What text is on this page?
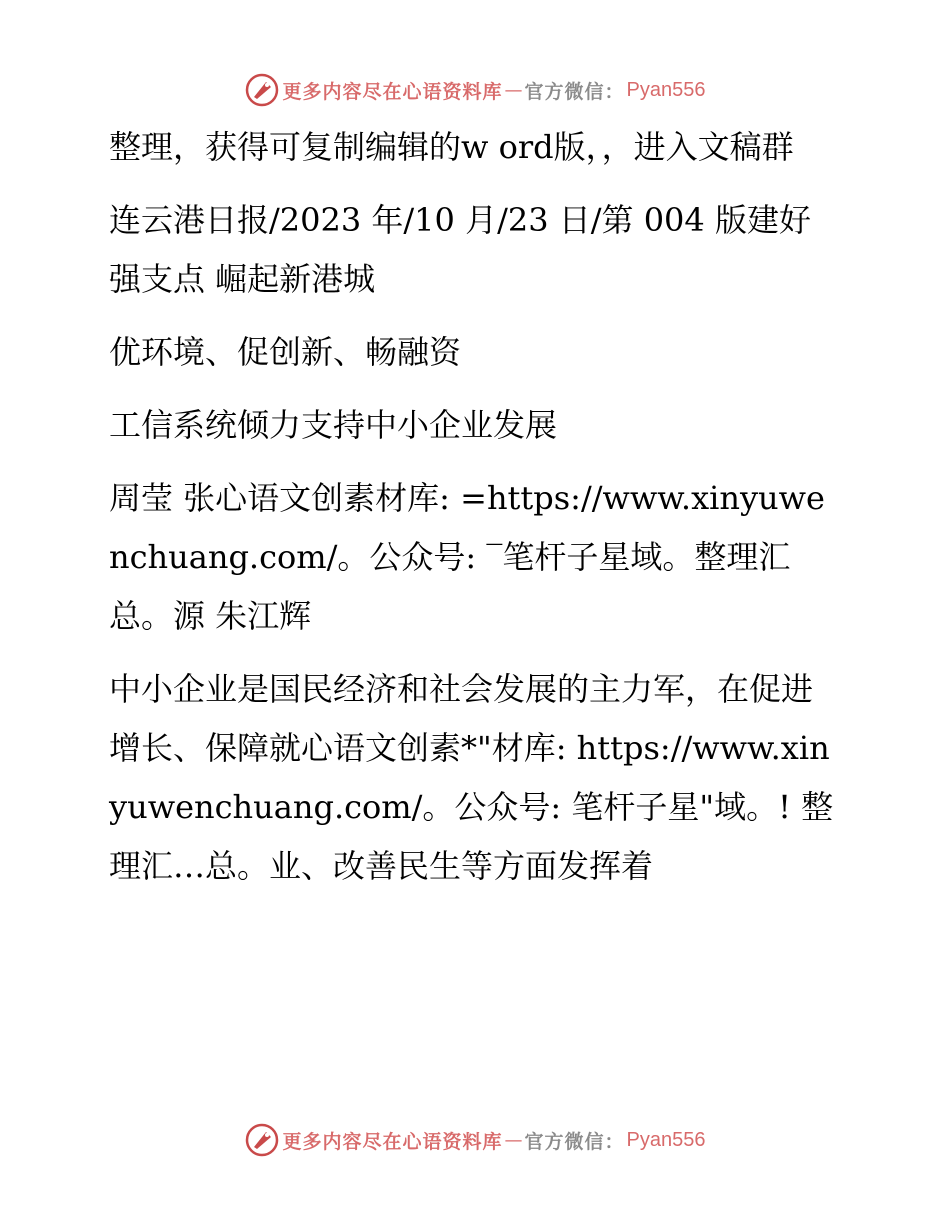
更多内容尽在心语资料库 — 官方微信： Pyan556

整理，获得可复制编辑的w ord版，，进入文稿群

连云港日报/2023 年/10 月/23 日/第 004 版建好强支点 崛起新港城

优环境、促创新、畅融资

工信系统倾力支持中小企业发展

周莹 张心语文创素材库: =https://www.xinyuwenchuang.com/。公众号: ‾笔杆子星域。整理汇总。源 朱江辉

中小企业是国民经济和社会发展的主力军，在促进增长、保障就心语文创素*"材库: https://www.xinyuwenchuang.com/。公众号: 笔杆子星"域。! 整理汇…总。业、改善民生等方面发挥着

更多内容尽在心语资料库 — 官方微信： Pyan556
